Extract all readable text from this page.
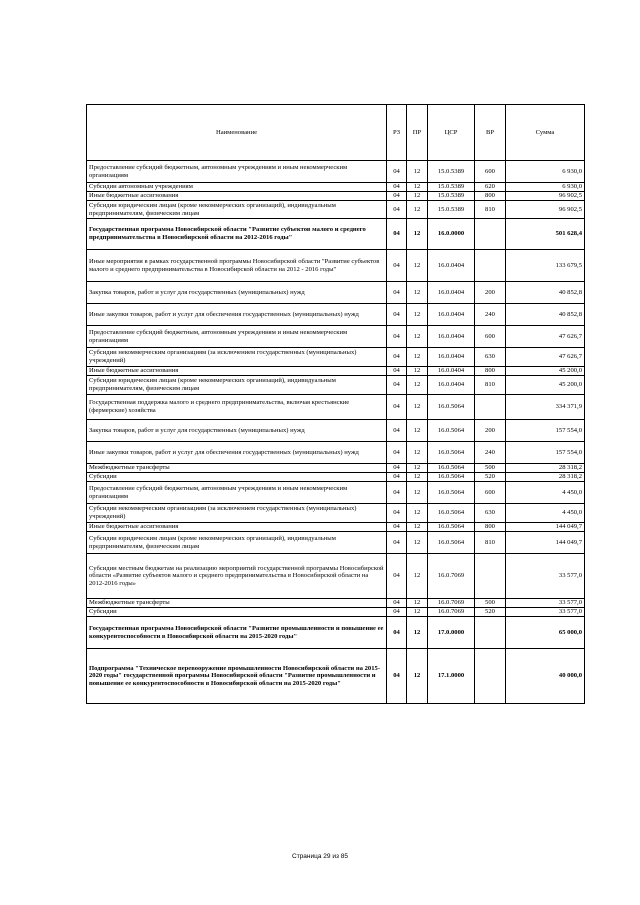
Наименование	РЗ	ПР	ЦСР	ВР	Сумма
Предоставление субсидий бюджетным, автономным учреждениям и иным некоммерческим организациям	04	12	15.0.5389	600	6 930,0
Субсидии автономным учреждениям	04	12	15.0.5389	620	6 930,0
Иные бюджетные ассигнования	04	12	15.0.5389	800	96 902,5
Субсидии юридическим лицам (кроме некоммерческих организаций), индивидуальным предпринимателям, физическим лицам	04	12	15.0.5389	810	96 902,5
Государственная программа Новосибирской области "Развитие субъектов малого и среднего предпринимательства в Новосибирской области на 2012-2016 годы"	04	12	16.0.0000		501 628,4
Иные мероприятия в рамках государственной программы Новосибирской области "Развитие субъектов малого и среднего предпринимательства в Новосибирской области на 2012 - 2016 годы"	04	12	16.0.0404		133 679,5
Закупка товаров, работ и услуг для государственных (муниципальных) нужд	04	12	16.0.0404	200	40 852,8
Иные закупки товаров, работ и услуг для обеспечения государственных (муниципальных) нужд	04	12	16.0.0404	240	40 852,8
Предоставление субсидий бюджетным, автономным учреждениям и иным некоммерческим организациям	04	12	16.0.0404	600	47 626,7
Субсидии некоммерческим организациям (за исключением государственных (муниципальных) учреждений)	04	12	16.0.0404	630	47 626,7
Иные бюджетные ассигнования	04	12	16.0.0404	800	45 200,0
Субсидии юридическим лицам (кроме некоммерческих организаций), индивидуальным предпринимателям, физическим лицам	04	12	16.0.0404	810	45 200,0
Государственная поддержка малого и среднего предпринимательства, включая крестьянские (фермерские) хозяйства	04	12	16.0.5064		334 371,9
Закупка товаров, работ и услуг для государственных (муниципальных) нужд	04	12	16.0.5064	200	157 554,0
Иные закупки товаров, работ и услуг для обеспечения государственных (муниципальных) нужд	04	12	16.0.5064	240	157 554,0
Межбюджетные трансферты	04	12	16.0.5064	500	28 318,2
Субсидии	04	12	16.0.5064	520	28 318,2
Предоставление субсидий бюджетным, автономным учреждениям и иным некоммерческим организациям	04	12	16.0.5064	600	4 450,0
Субсидии некоммерческим организациям (за исключением государственных (муниципальных) учреждений)	04	12	16.0.5064	630	4 450,0
Иные бюджетные ассигнования	04	12	16.0.5064	800	144 049,7
Субсидии юридическим лицам (кроме некоммерческих организаций), индивидуальным предпринимателям, физическим лицам	04	12	16.0.5064	810	144 049,7
Субсидии местным бюджетам на реализацию мероприятий государственной программы Новосибирской области «Развитие субъектов малого и среднего предпринимательства в Новосибирской области на 2012-2016 годы»	04	12	16.0.7069		33 577,0
Межбюджетные трансферты	04	12	16.0.7069	500	33 577,0
Субсидии	04	12	16.0.7069	520	33 577,0
Государственная программа Новосибирской области "Развитие промышленности и повышение ее конкурентоспособности в Новосибирской области на 2015-2020 годы"	04	12	17.0.0000		65 000,0
Подпрограмма "Техническое перевооружение промышленности Новосибирской области на 2015-2020 годы" государственной программы Новосибирской области "Развитие промышленности и повышение ее конкурентоспособности в Новосибирской области на 2015-2020 годы"	04	12	17.1.0000		40 000,0
Страница 29 из 85
